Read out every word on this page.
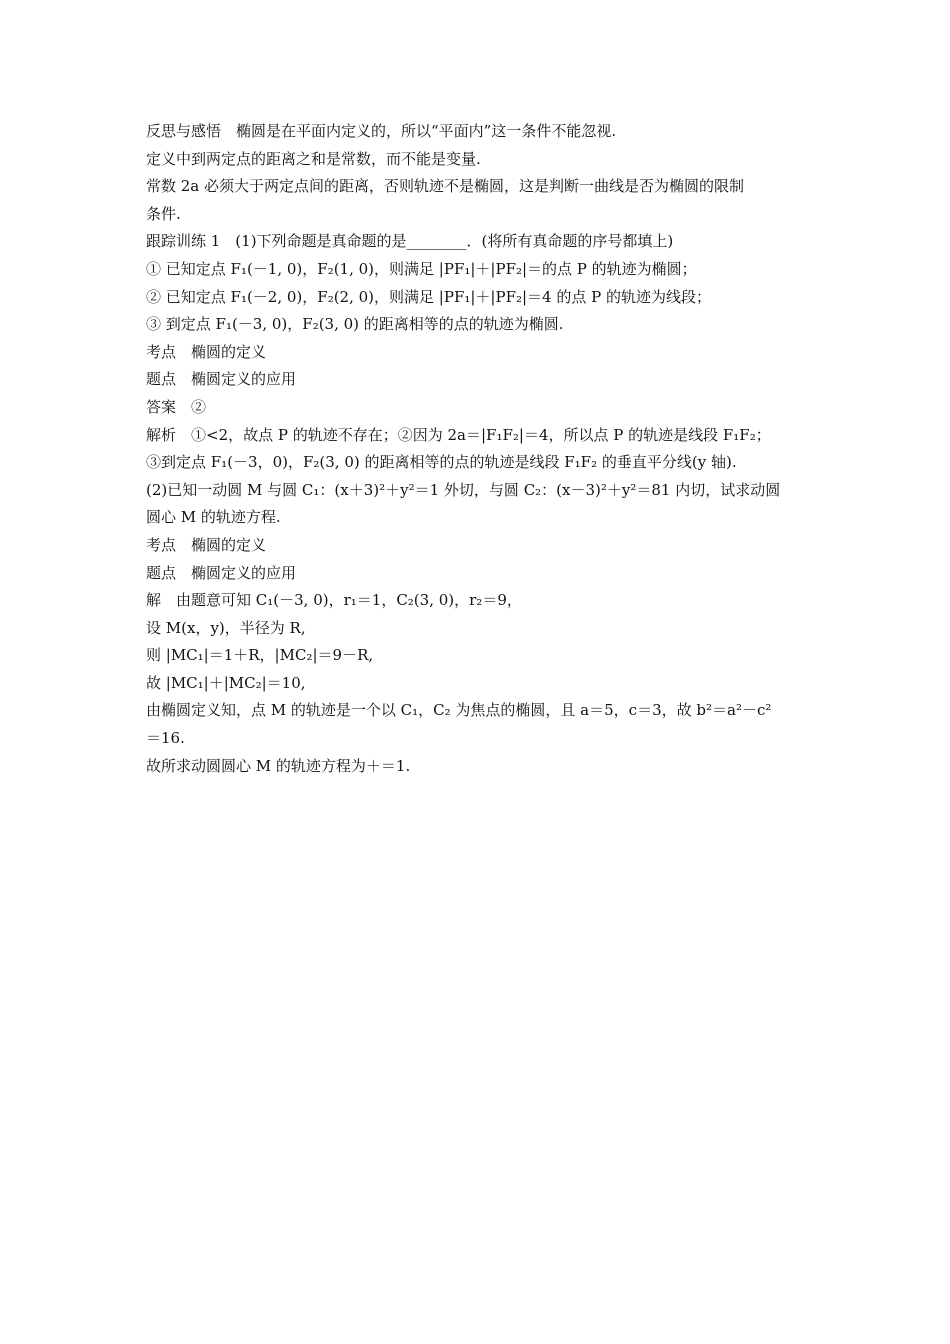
反思与感悟　椭圆是在平面内定义的，所以“平面内”这一条件不能忽视.
定义中到两定点的距离之和是常数，而不能是变量.
常数 2a 必须大于两定点间的距离，否则轨迹不是椭圆，这是判断一曲线是否为椭圆的限制
条件.
跟踪训练 1　(1)下列命题是真命题的是________．(将所有真命题的序号都填上)
① 已知定点 F₁(－1, 0)，F₂(1, 0)，则满足 |PF₁|＋|PF₂|＝的点 P 的轨迹为椭圆；
② 已知定点 F₁(－2, 0)，F₂(2, 0)，则满足 |PF₁|＋|PF₂|＝4 的点 P 的轨迹为线段；
③ 到定点 F₁(－3, 0)，F₂(3, 0) 的距离相等的点的轨迹为椭圆.
考点　椭圆的定义
题点　椭圆定义的应用
答案　②
解析　①<2，故点 P 的轨迹不存在；②因为 2a＝|F₁F₂|＝4，所以点 P 的轨迹是线段 F₁F₂；
③到定点 F₁(－3，0)，F₂(3, 0) 的距离相等的点的轨迹是线段 F₁F₂ 的垂直平分线(y 轴).
(2)已知一动圆 M 与圆 C₁：(x＋3)²＋y²＝1 外切，与圆 C₂：(x－3)²＋y²＝81 内切，试求动圆
圆心 M 的轨迹方程.
考点　椭圆的定义
题点　椭圆定义的应用
解　由题意可知 C₁(－3, 0)，r₁＝1，C₂(3, 0)，r₂＝9，
设 M(x，y)，半径为 R,
则 |MC₁|＝1＋R，|MC₂|＝9－R,
故 |MC₁|＋|MC₂|＝10,
由椭圆定义知，点 M 的轨迹是一个以 C₁，C₂ 为焦点的椭圆，且 a＝5，c＝3，故 b²＝a²－c²
＝16.
故所求动圆圆心 M 的轨迹方程为＋＝1.
